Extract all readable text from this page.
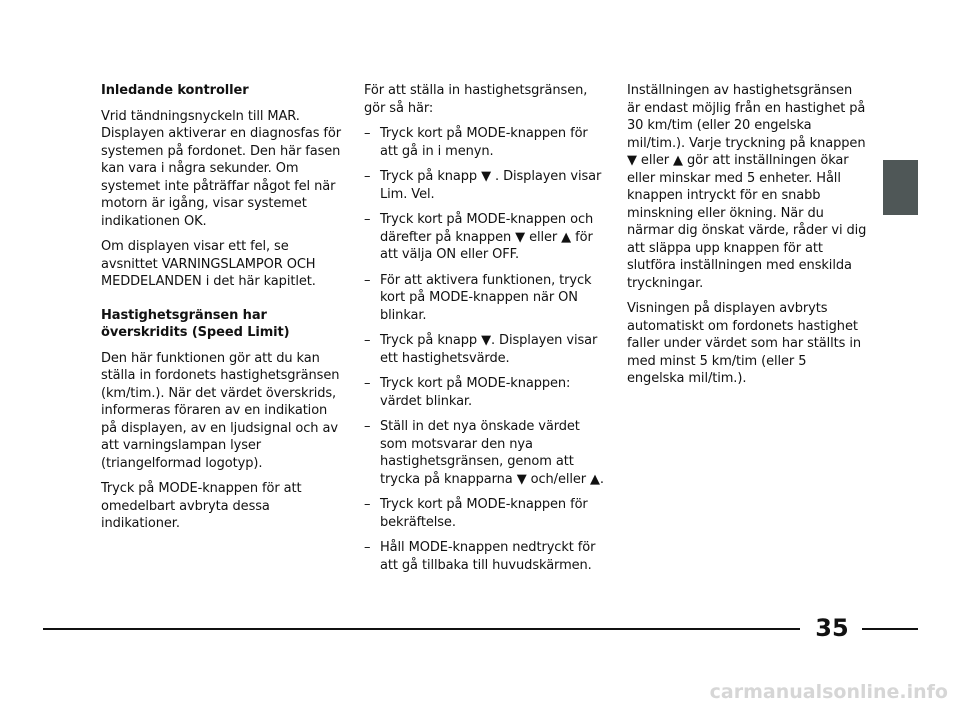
Inledande kontroller

Vrid tändningsnyckeln till MAR. Displayen aktiverar en diagnosfas för systemen på fordonet. Den här fasen kan vara i några sekunder. Om systemet inte påträffar något fel när motorn är igång, visar systemet indikationen OK.

Om displayen visar ett fel, se avsnittet VARNINGSLAMPOR OCH MEDDELANDEN i det här kapitlet.

Hastighetsgränsen har överskridits (Speed Limit)

Den här funktionen gör att du kan ställa in fordonets hastighetsgränsen (km/tim.). När det värdet överskrids, informeras föraren av en indikation på displayen, av en ljudsignal och av att varningslampan lyser (triangelformad logotyp).

Tryck på MODE-knappen för att omedelbart avbryta dessa indikationer.

För att ställa in hastighetsgränsen, gör så här:

– Tryck kort på MODE-knappen för att gå in i menyn.
– Tryck på knapp ▼ . Displayen visar Lim. Vel.
– Tryck kort på MODE-knappen och därefter på knappen ▼ eller ▲ för att välja ON eller OFF.
– För att aktivera funktionen, tryck kort på MODE-knappen när ON blinkar.
– Tryck på knapp ▼. Displayen visar ett hastighetsvärde.
– Tryck kort på MODE-knappen: värdet blinkar.
– Ställ in det nya önskade värdet som motsvarar den nya hastighetsgränsen, genom att trycka på knapparna ▼ och/eller ▲.
– Tryck kort på MODE-knappen för bekräftelse.
– Håll MODE-knappen nedtryckt för att gå tillbaka till huvudskärmen.

Inställningen av hastighetsgränsen är endast möjlig från en hastighet på 30 km/tim (eller 20 engelska mil/tim.). Varje tryckning på knappen ▼ eller ▲ gör att inställningen ökar eller minskar med 5 enheter. Håll knappen intryckt för en snabb minskning eller ökning. När du närmar dig önskat värde, råder vi dig att släppa upp knappen för att slutföra inställningen med enskilda tryckningar.

Visningen på displayen avbryts automatiskt om fordonets hastighet faller under värdet som har ställts in med minst 5 km/tim (eller 5 engelska mil/tim.).

35
carmanualsonline.info
